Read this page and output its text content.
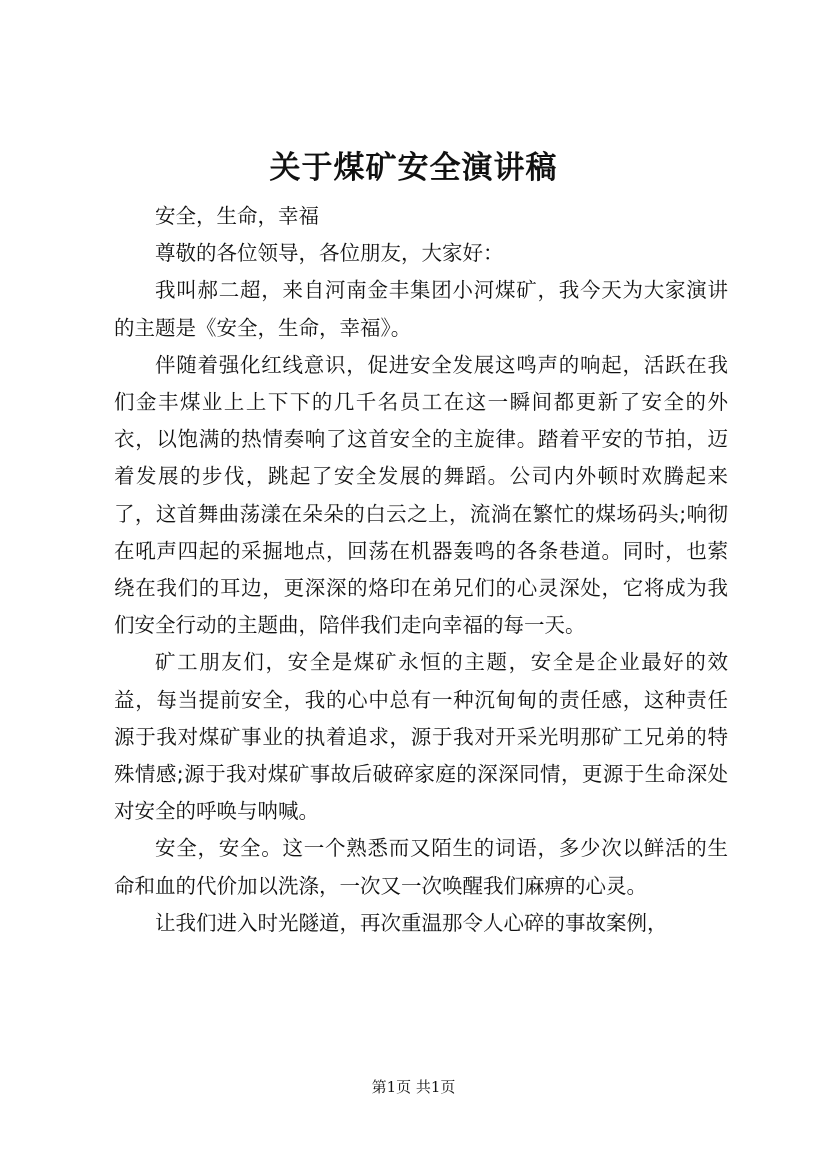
关于煤矿安全演讲稿

安全，生命，幸福

尊敬的各位领导，各位朋友，大家好：

我叫郝二超，来自河南金丰集团小河煤矿，我今天为大家演讲的主题是《安全，生命，幸福》。

伴随着强化红线意识，促进安全发展这鸣声的响起，活跃在我们金丰煤业上上下下的几千名员工在这一瞬间都更新了安全的外衣，以饱满的热情奏响了这首安全的主旋律。踏着平安的节拍，迈着发展的步伐，跳起了安全发展的舞蹈。公司内外顿时欢腾起来了，这首舞曲荡漾在朵朵的白云之上，流淌在繁忙的煤场码头;响彻在吼声四起的采掘地点，回荡在机器轰鸣的各条巷道。同时，也萦绕在我们的耳边，更深深的烙印在弟兄们的心灵深处，它将成为我们安全行动的主题曲，陪伴我们走向幸福的每一天。

矿工朋友们，安全是煤矿永恒的主题，安全是企业最好的效益，每当提前安全，我的心中总有一种沉甸甸的责任感，这种责任源于我对煤矿事业的执着追求，源于我对开采光明那矿工兄弟的特殊情感;源于我对煤矿事故后破碎家庭的深深同情，更源于生命深处对安全的呼唤与呐喊。

安全，安全。这一个熟悉而又陌生的词语，多少次以鲜活的生命和血的代价加以洗涤，一次又一次唤醒我们麻痹的心灵。

让我们进入时光隧道，再次重温那令人心碎的事故案例，

第1页 共1页
